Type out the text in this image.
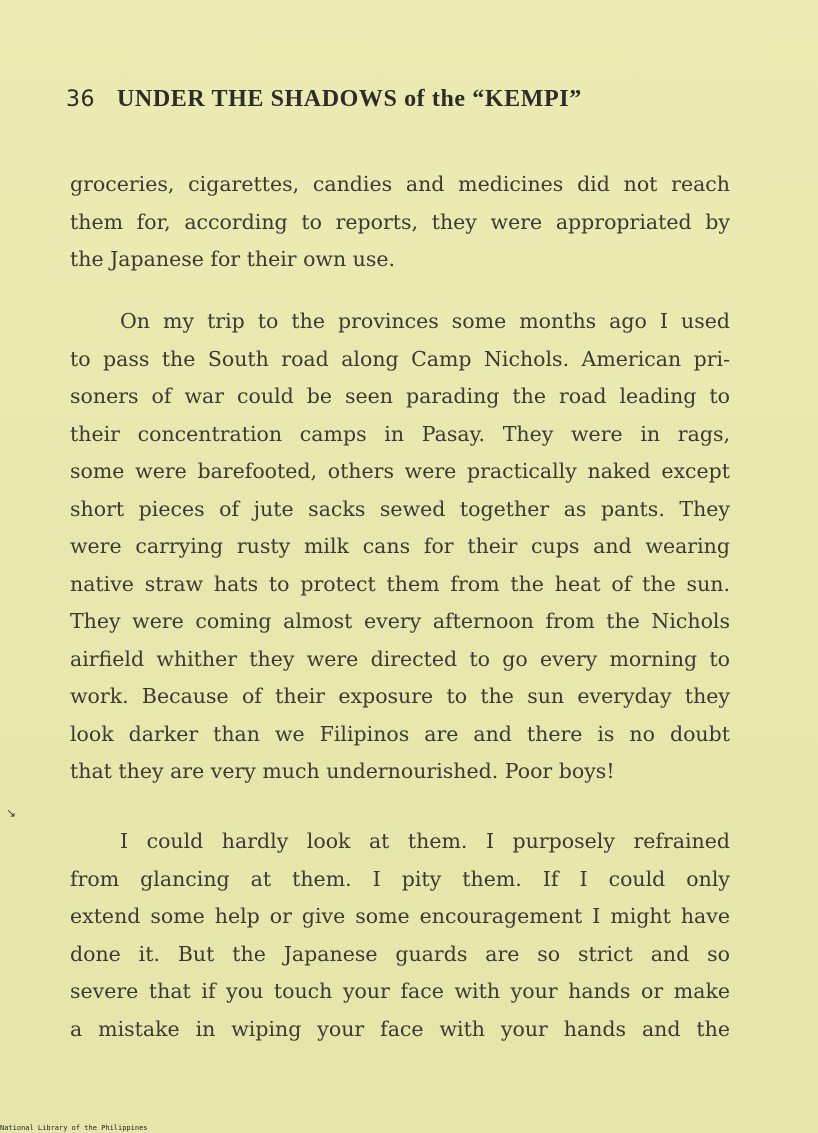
36 UNDER THE SHADOWS of the “KEMPI”
groceries, cigarettes, candies and medicines did not reach
them for, according to reports, they were appropriated by
the Japanese for their own use.
On my trip to the provinces some months ago I used
to pass the South road along Camp Nichols. American pri-
soners of war could be seen parading the road leading to
their concentration camps in Pasay. They were in rags,
some were barefooted, others were practically naked except
short pieces of jute sacks sewed together as pants. They
were carrying rusty milk cans for their cups and wearing
native straw hats to protect them from the heat of the sun.
They were coming almost every afternoon from the Nichols
airfield whither they were directed to go every morning to
work. Because of their exposure to the sun everyday they
look darker than we Filipinos are and there is no doubt
that they are very much undernourished. Poor boys!
I could hardly look at them. I purposely refrained
from glancing at them. I pity them. If I could only
extend some help or give some encouragement I might have
done it. But the Japanese guards are so strict and so
severe that if you touch your face with your hands or make
a mistake in wiping your face with your hands and the
↘
National Library of the Philippines
